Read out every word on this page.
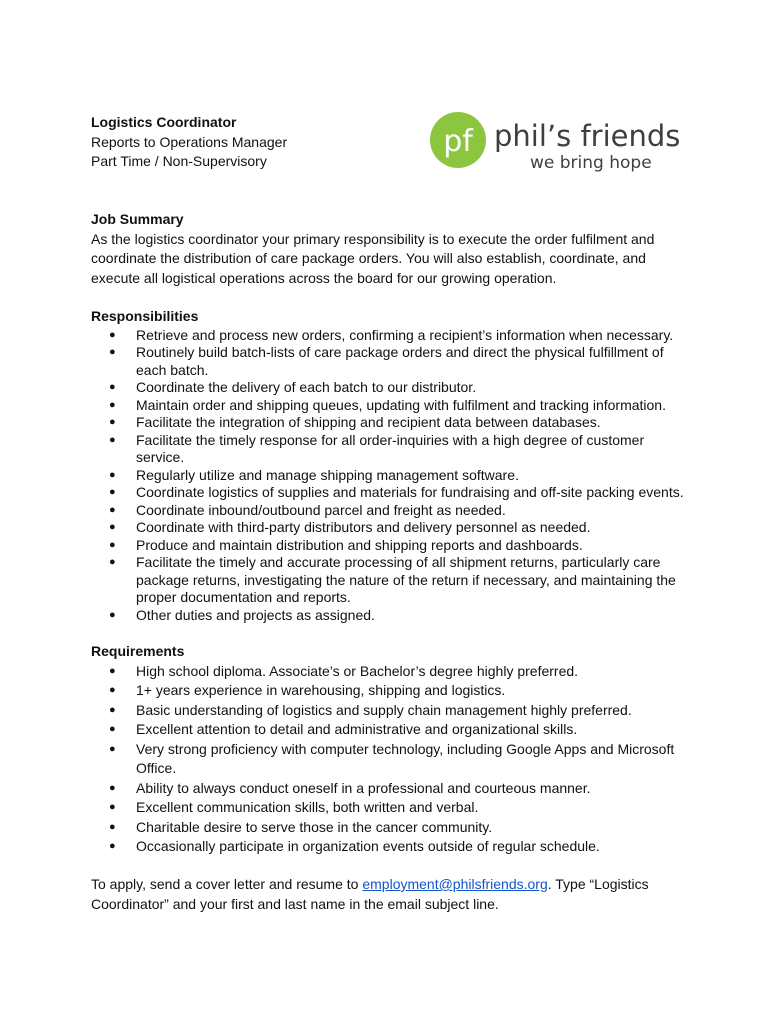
Logistics Coordinator
Reports to Operations Manager
Part Time / Non-Supervisory
pf phil’s friends
we bring hope
Job Summary

As the logistics coordinator your primary responsibility is to execute the order fulfilment and coordinate the distribution of care package orders. You will also establish, coordinate, and execute all logistical operations across the board for our growing operation.

Responsibilities
● Retrieve and process new orders, confirming a recipient’s information when necessary.
● Routinely build batch-lists of care package orders and direct the physical fulfillment of each batch.
● Coordinate the delivery of each batch to our distributor.
● Maintain order and shipping queues, updating with fulfilment and tracking information.
● Facilitate the integration of shipping and recipient data between databases.
● Facilitate the timely response for all order-inquiries with a high degree of customer service.
● Regularly utilize and manage shipping management software.
● Coordinate logistics of supplies and materials for fundraising and off-site packing events.
● Coordinate inbound/outbound parcel and freight as needed.
● Coordinate with third-party distributors and delivery personnel as needed.
● Produce and maintain distribution and shipping reports and dashboards.
● Facilitate the timely and accurate processing of all shipment returns, particularly care package returns, investigating the nature of the return if necessary, and maintaining the proper documentation and reports.
● Other duties and projects as assigned.
Requirements
● High school diploma. Associate’s or Bachelor’s degree highly preferred.
● 1+ years experience in warehousing, shipping and logistics.
● Basic understanding of logistics and supply chain management highly preferred.
● Excellent attention to detail and administrative and organizational skills.
● Very strong proficiency with computer technology, including Google Apps and Microsoft Office.
● Ability to always conduct oneself in a professional and courteous manner.
● Excellent communication skills, both written and verbal.
● Charitable desire to serve those in the cancer community.
● Occasionally participate in organization events outside of regular schedule.

To apply, send a cover letter and resume to employment@philsfriends.org. Type “Logistics Coordinator” and your first and last name in the email subject line.
